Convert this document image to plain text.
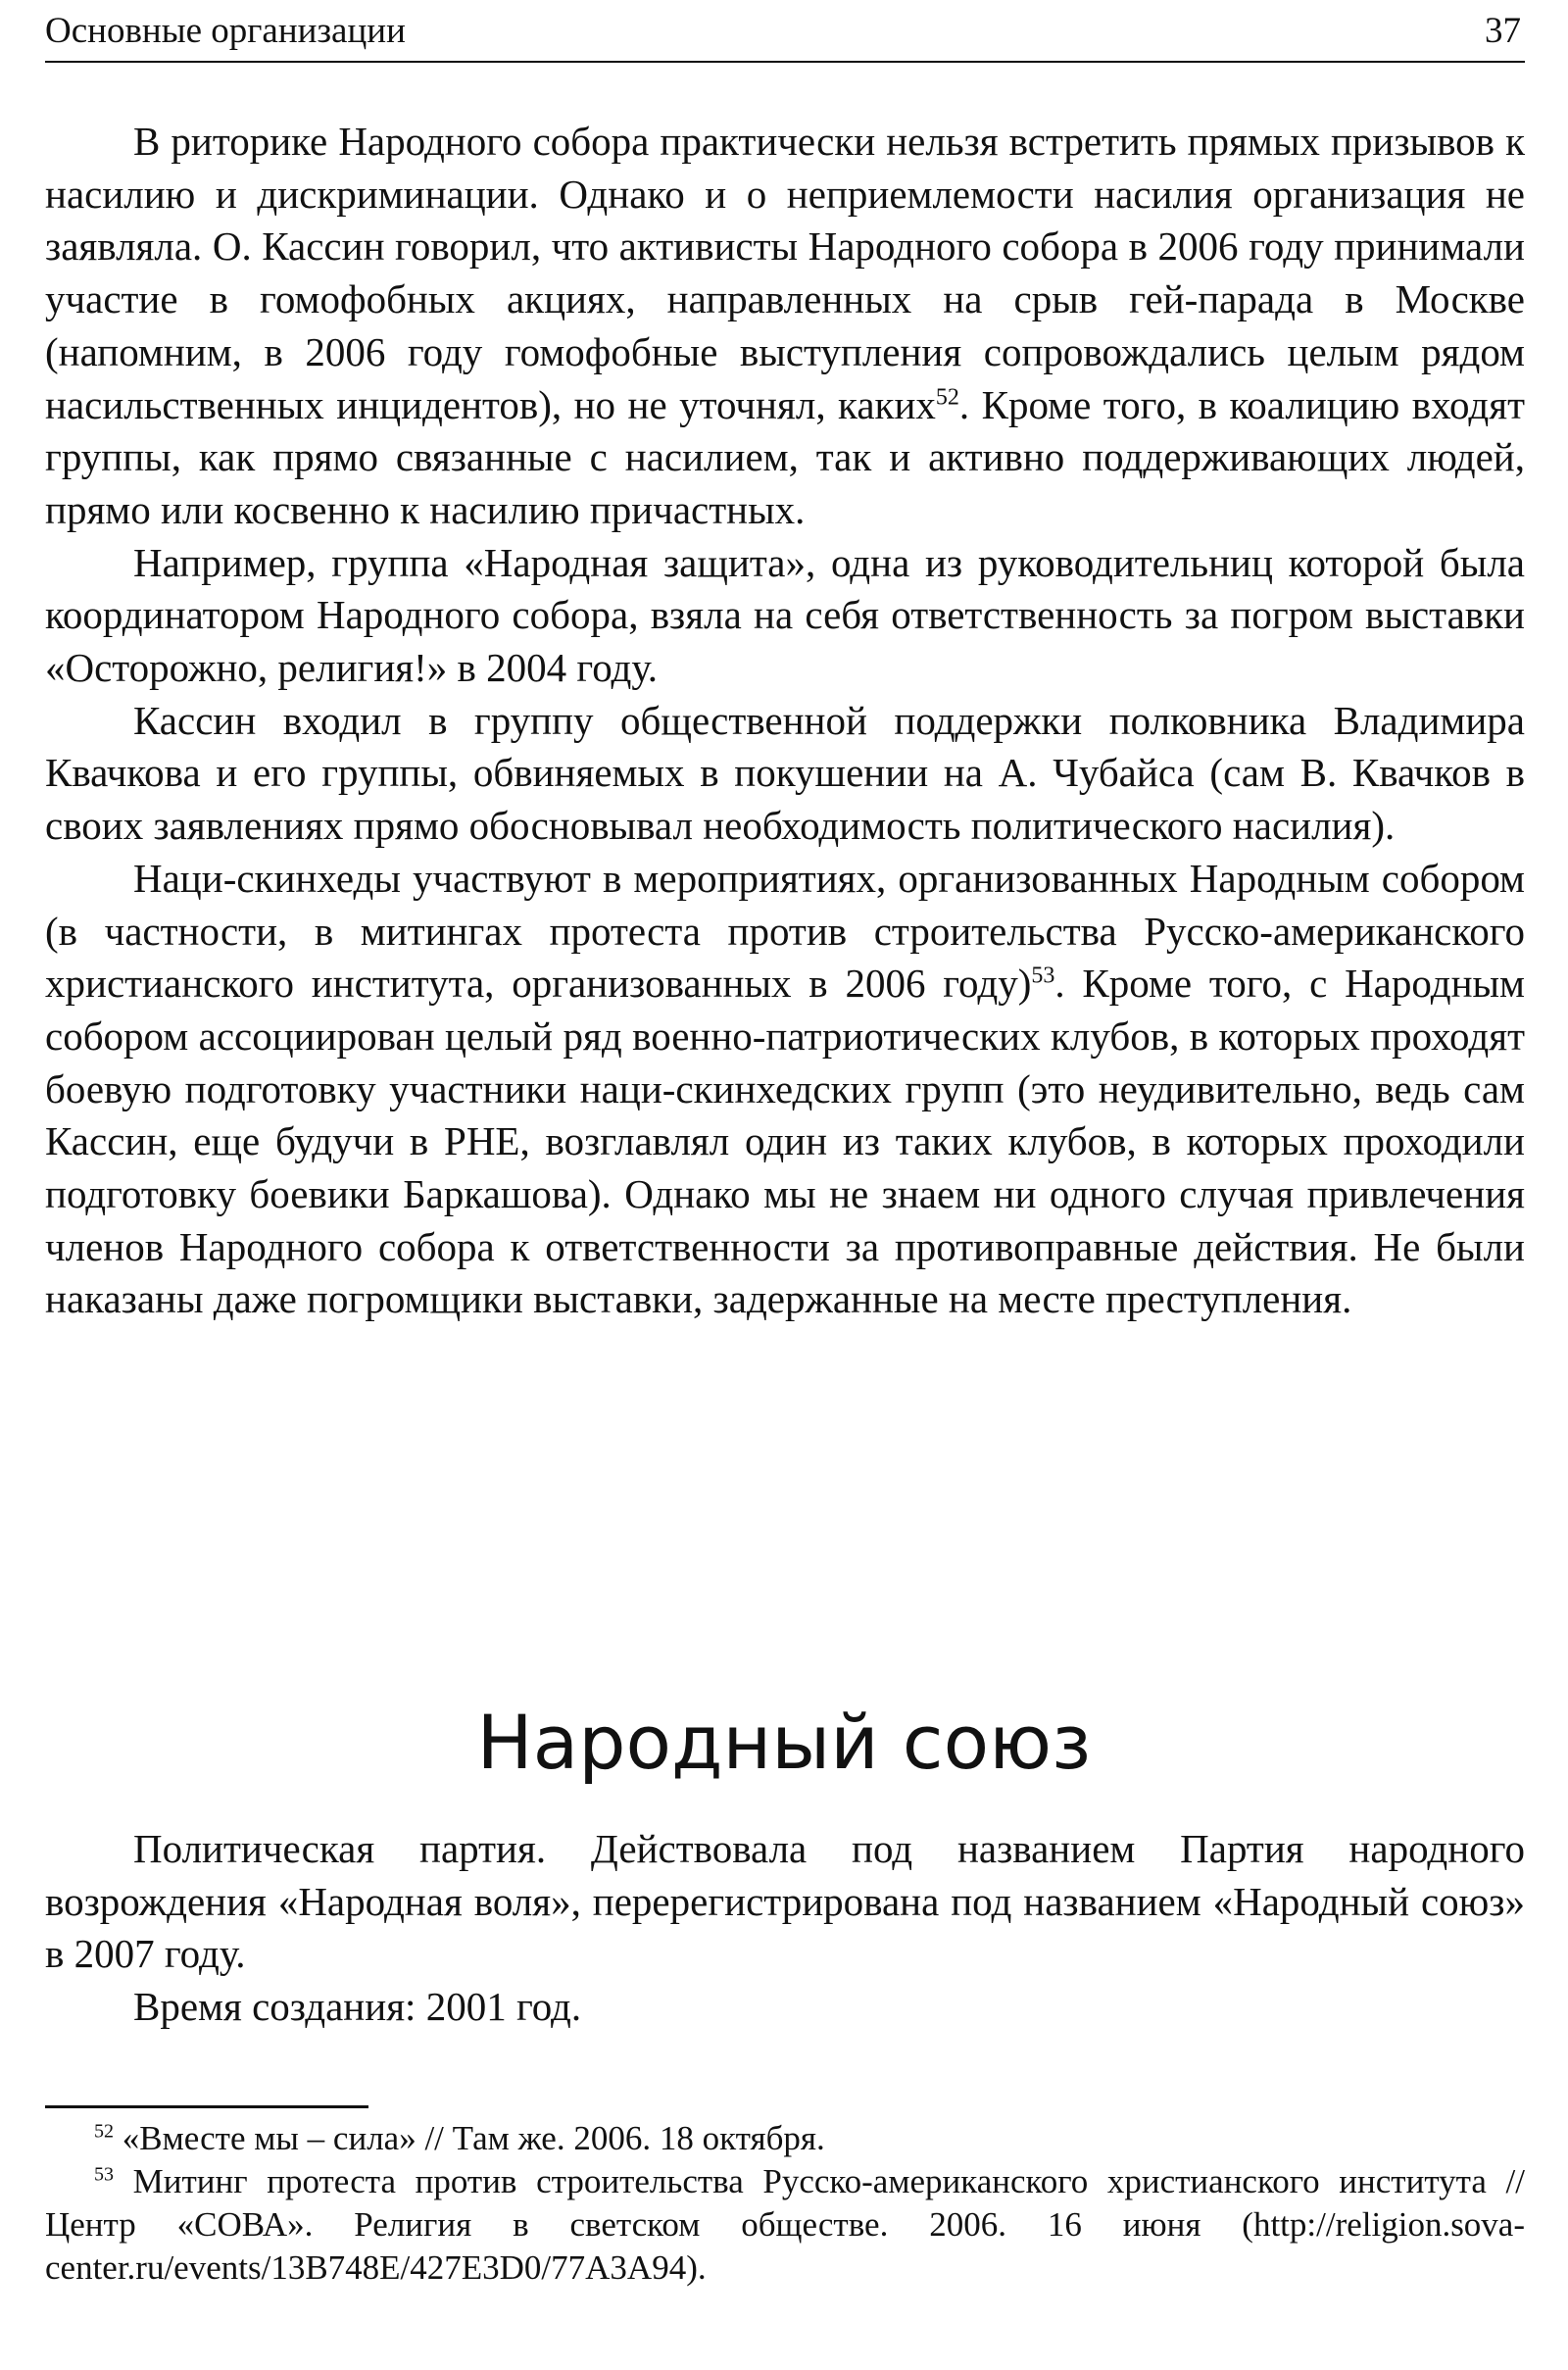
Основные организации	37

В риторике Народного собора практически нельзя встретить прямых призывов к насилию и дискриминации. Однако и о неприемлемости насилия организация не заявляла. О. Кассин говорил, что активисты Народного собора в 2006 году принимали участие в гомофобных акциях, направленных на срыв гей-парада в Москве (напомним, в 2006 году гомофобные выступления сопровождались целым рядом насильственных инцидентов), но не уточнял, каких$^{52}$. Кроме того, в коалицию входят группы, как прямо связанные с насилием, так и активно поддерживающих людей, прямо или косвенно к насилию причастных.

Например, группа «Народная защита», одна из руководительниц которой была координатором Народного собора, взяла на себя ответственность за погром выставки «Осторожно, религия!» в 2004 году.

Кассин входил в группу общественной поддержки полковника Владимира Квачкова и его группы, обвиняемых в покушении на А. Чубайса (сам В. Квачков в своих заявлениях прямо обосновывал необходимость политического насилия).

Наци-скинхеды участвуют в мероприятиях, организованных Народным собором (в частности, в митингах протеста против строительства Русско-американского христианского института, организованных в 2006 году)$^{53}$. Кроме того, с Народным собором ассоциирован целый ряд военно-патриотических клубов, в которых проходят боевую подготовку участники наци-скинхедских групп (это неудивительно, ведь сам Кассин, еще будучи в РНЕ, возглавлял один из таких клубов, в которых проходили подготовку боевики Баркашова). Однако мы не знаем ни одного случая привлечения членов Народного собора к ответственности за противоправные действия. Не были наказаны даже погромщики выставки, задержанные на месте преступления.

Народный союз

Политическая партия. Действовала под названием Партия народного возрождения «Народная воля», перерегистрирована под названием «Народный союз» в 2007 году.

Время создания: 2001 год.

$^{52}$ «Вместе мы – сила» // Там же. 2006. 18 октября.

$^{53}$ Митинг протеста против строительства Русско-американского христианского института // Центр «СОВА». Религия в светском обществе. 2006. 16 июня (http://religion.sova-center.ru/events/13B748E/427E3D0/77A3A94).
